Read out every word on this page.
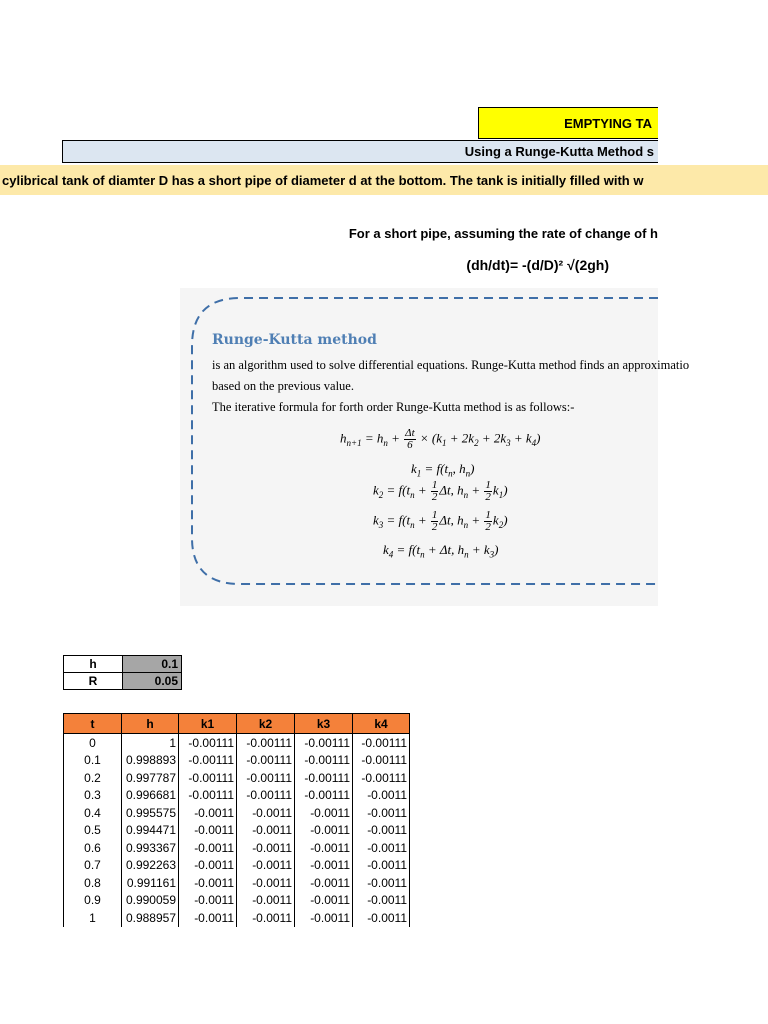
EMPTYING TA
Using a Runge-Kutta Method s
cylibrical tank of diamter D has a short pipe of diameter d at the bottom. The tank is initially filled with w
For a short pipe, assuming the rate of change of h
(dh/dt)= -(d/D)² √(2gh)
Runge-Kutta method
is an algorithm used to solve differential equations. Runge-Kutta method finds an approximatio
based on the previous value.
The iterative formula for forth order Runge-Kutta method is as follows:-
$h_{n+1} = h_n + \frac{\Delta t}{6} \times (k_1 + 2k_2 + 2k_3 + k_4)$
$k_1 = f(t_n$, $h_n$)
$k_2 = f(t_n + \frac{1}{2} \Delta t$, $h_n + \frac{1}{2} k_1$)
$k_3 = f(t_n + \frac{1}{2} \Delta t$, $h_n + \frac{1}{2} k_2$)
$k_4 = f(t_n + \Delta t$, $h_n + k_3$)
h	0.1
R	0.05
t	h	k1	k2	k3	k4
0	1	-0.00111	-0.00111	-0.00111	-0.00111
0.1	0.998893	-0.00111	-0.00111	-0.00111	-0.00111
0.2	0.997787	-0.00111	-0.00111	-0.00111	-0.00111
0.3	0.996681	-0.00111	-0.00111	-0.00111	-0.0011
0.4	0.995575	-0.0011	-0.0011	-0.0011	-0.0011
0.5	0.994471	-0.0011	-0.0011	-0.0011	-0.0011
0.6	0.993367	-0.0011	-0.0011	-0.0011	-0.0011
0.7	0.992263	-0.0011	-0.0011	-0.0011	-0.0011
0.8	0.991161	-0.0011	-0.0011	-0.0011	-0.0011
0.9	0.990059	-0.0011	-0.0011	-0.0011	-0.0011
1	0.988957	-0.0011	-0.0011	-0.0011	-0.0011
